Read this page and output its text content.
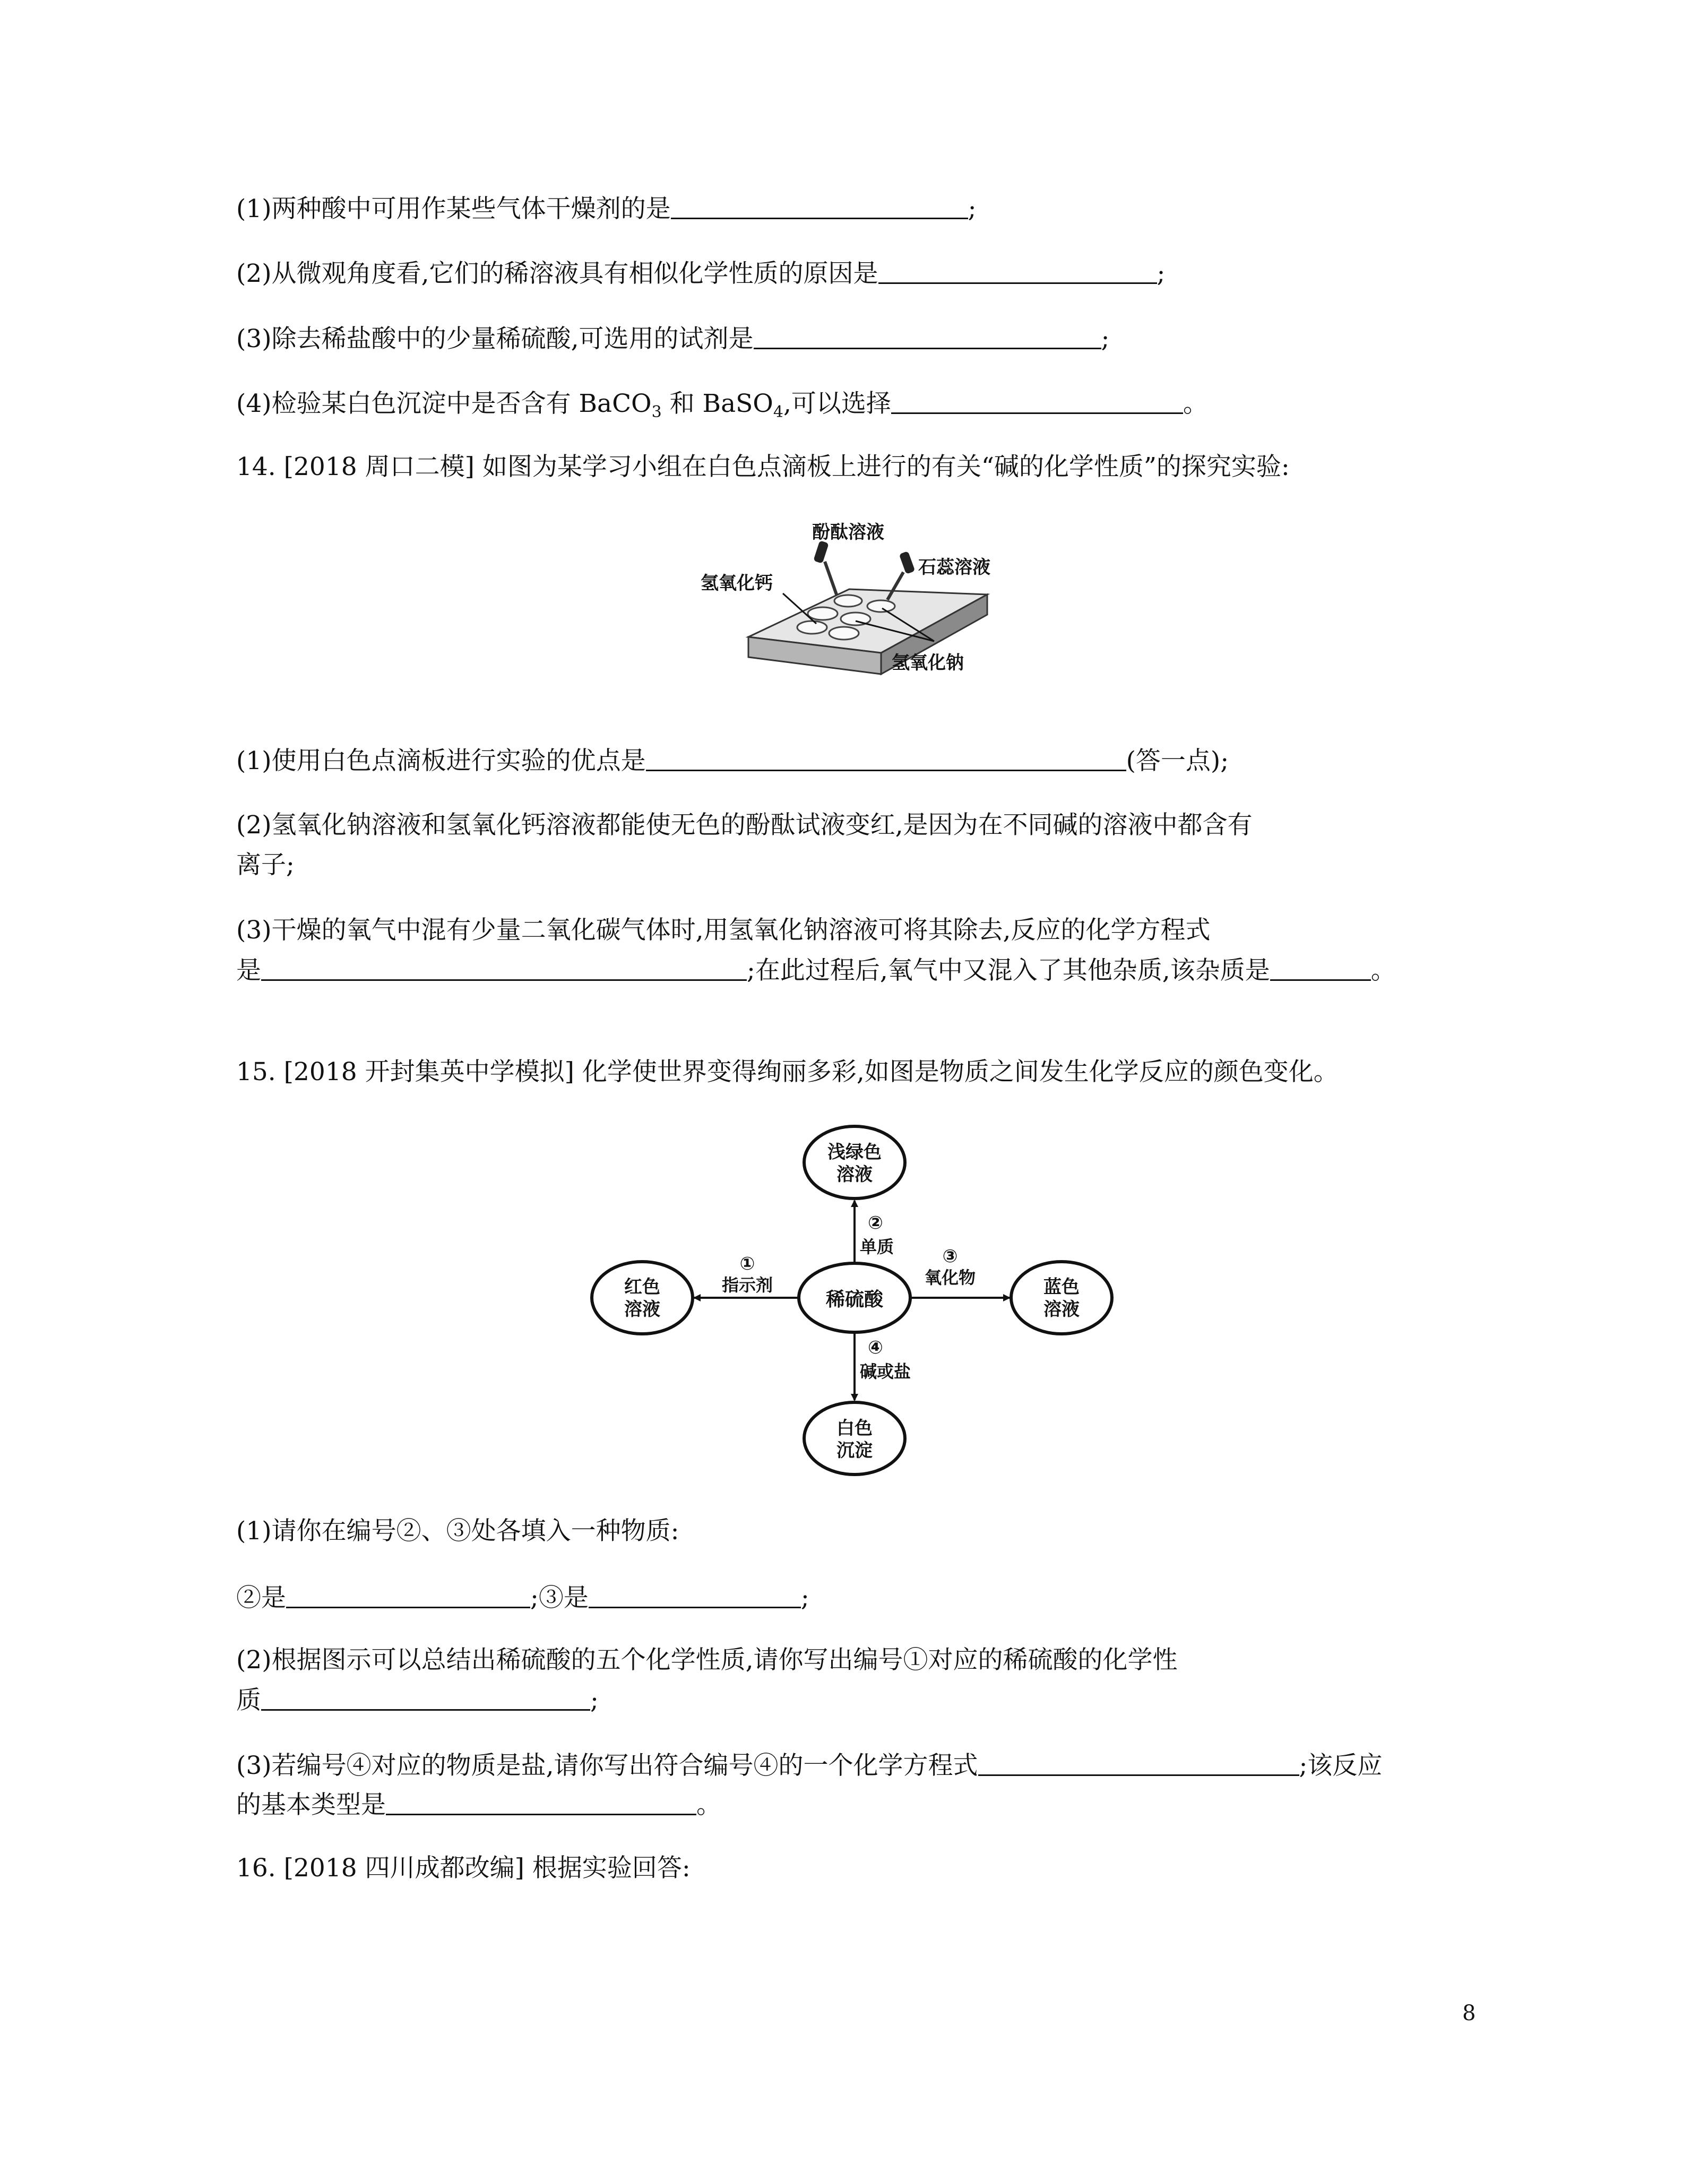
(1)两种酸中可用作某些气体干燥剂的是	;
(2)从微观角度看,它们的稀溶液具有相似化学性质的原因是	;
(3)除去稀盐酸中的少量稀硫酸,可选用的试剂是	;
(4)检验某白色沉淀中是否含有 BaCO$_3$ 和 BaSO$_4$,可以选择	。
14. [2018 周口二模] 如图为某学习小组在白色点滴板上进行的有关“碱的化学性质”的探究实验:
酚酞溶液
石蕊溶液
氢氧化钙
氢氧化钠
(1)使用白色点滴板进行实验的优点是	(答一点);
(2)氢氧化钠溶液和氢氧化钙溶液都能使无色的酚酞试液变红,是因为在不同碱的溶液中都含有
离子;
(3)干燥的氧气中混有少量二氧化碳气体时,用氢氧化钠溶液可将其除去,反应的化学方程式
是	;在此过程后,氧气中又混入了其他杂质,该杂质是	。
15. [2018 开封集英中学模拟] 化学使世界变得绚丽多彩,如图是物质之间发生化学反应的颜色变化。
稀硫酸
浅绿色
溶液
红色
溶液
蓝色
溶液
白色
沉淀
①
指示剂
②
单质	③
氧化物
④
碱或盐
(1)请你在编号②、③处各填入一种物质:
②是	;③是	;
(2)根据图示可以总结出稀硫酸的五个化学性质,请你写出编号①对应的稀硫酸的化学性
质	;
(3)若编号④对应的物质是盐,请你写出符合编号④的一个化学方程式	;该反应
的基本类型是	。
16. [2018 四川成都改编] 根据实验回答:
8
